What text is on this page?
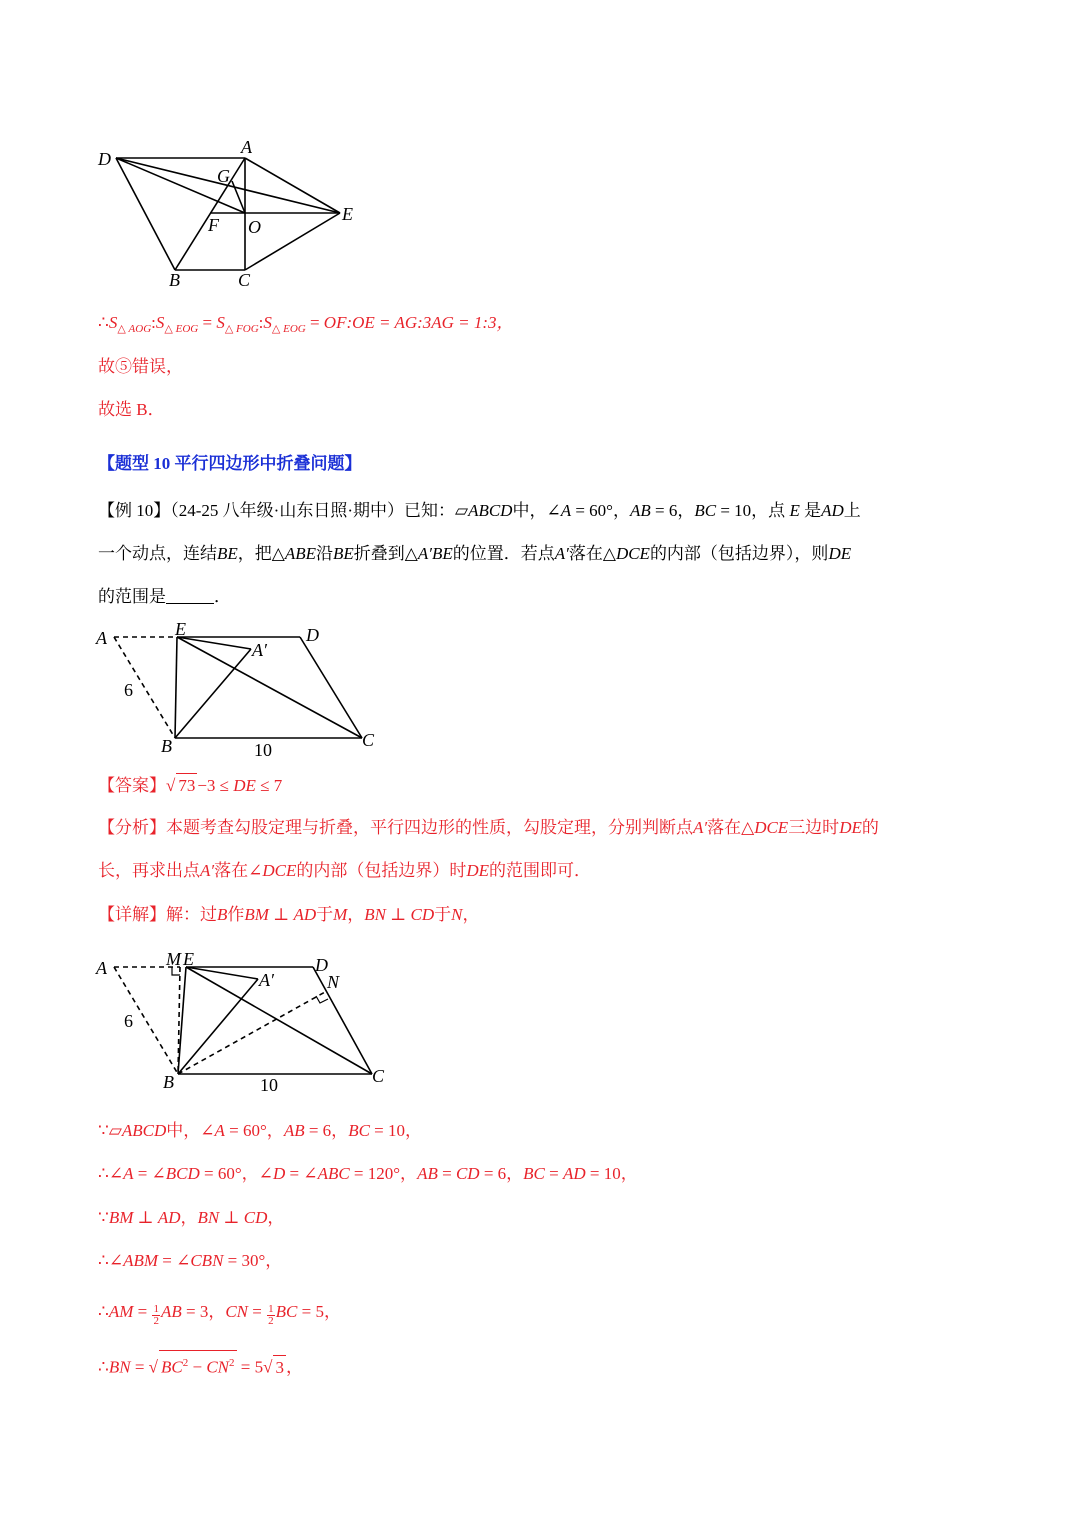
D
A
G
F O
E
B	C
$\therefore S_{\triangle AOG}:S_{\triangle EOG}$ = $S_{\triangle FOG}:S_{\triangle EOG}$ = OF:OE = AG:3AG = 1:3，
故⑤错误，
故选 B．
【题型 10 平行四边形中折叠问题】
【例 10】（24-25 八年级·山东日照·期中）已知：▱ABCD中，∠A = 60°，AB = 6，BC = 10，点 E 是AD上
一个动点，连结BE，把△ABE沿BE折叠到△A′BE的位置．若点A′落在△DCE的内部（包括边界），则DE
的范围是	．
A	E	D
A′
6
B	10	C
【答案】√ 73 −3 ≤ DE ≤ 7
【分析】本题考查勾股定理与折叠，平行四边形的性质，勾股定理，分别判断点A′落在△DCE三边时DE的
长，再求出点A′落在∠DCE的内部（包括边界）时DE的范围即可．
【详解】解：过B作BM ⊥ AD于M，BN ⊥ CD于N，
A	M E	D
N
A′
6
B	10	C
∵▱ABCD中，∠A = 60°，AB = 6，BC = 10，
∴∠A = ∠BCD = 60°，∠D = ∠ABC = 120°，AB = CD = 6，BC = AD = 10，
∵BM ⊥ AD，BN ⊥ CD，
∴∠ABM = ∠CBN = 30°，
∴AM = $\frac{1}{2}$ AB = 3，CN = $\frac{1}{2}$ BC = 5，
∴BN = √ $BC^2 - CN^2 = 5√$ 3 ，
